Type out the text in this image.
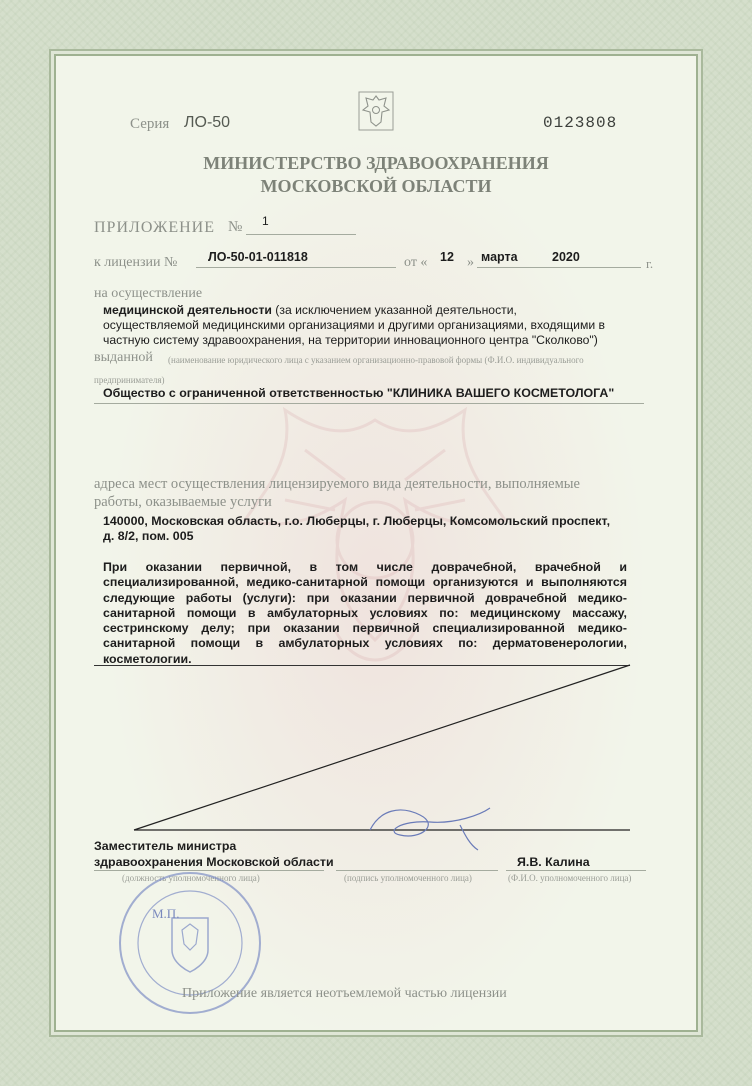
Серия ЛО-50	0123808
МИНИСТЕРСТВО ЗДРАВООХРАНЕНИЯ
МОСКОВСКОЙ ОБЛАСТИ
ПРИЛОЖЕНИЕ № 1
к лицензии № ЛО-50-01-011818	от « 12 » марта	2020	г.
на осуществление
медицинской деятельности (за исключением указанной деятельности,
осуществляемой медицинскими организациями и другими организациями, входящими в
частную систему здравоохранения, на территории инновационного центра "Сколково")
выданной (наименование юридического лица с указанием организационно-правовой формы (Ф.И.О. индивидуального
предпринимателя)
Общество с ограниченной ответственностью "КЛИНИКА ВАШЕГО КОСМЕТОЛОГА"
адреса мест осуществления лицензируемого вида деятельности, выполняемые
работы, оказываемые услуги
140000, Московская область, г.о. Люберцы, г. Люберцы, Комсомольский проспект,
д. 8/2, пом. 005
При оказании первичной, в том числе доврачебной, врачебной и специализированной, медико-санитарной помощи организуются и выполняются следующие работы (услуги): при оказании первичной доврачебной медико-санитарной помощи в амбулаторных условиях по: медицинскому массажу, сестринскому делу; при оказании первичной специализированной медико-санитарной помощи в амбулаторных условиях по: дерматовенерологии, косметологии.
Заместитель министра
здравоохранения Московской области	Я.В. Калина
(должность уполномоченного лица)	(подпись уполномоченного лица)	(Ф.И.О. уполномоченного лица)
М.П.
Приложение является неотъемлемой частью лицензии
